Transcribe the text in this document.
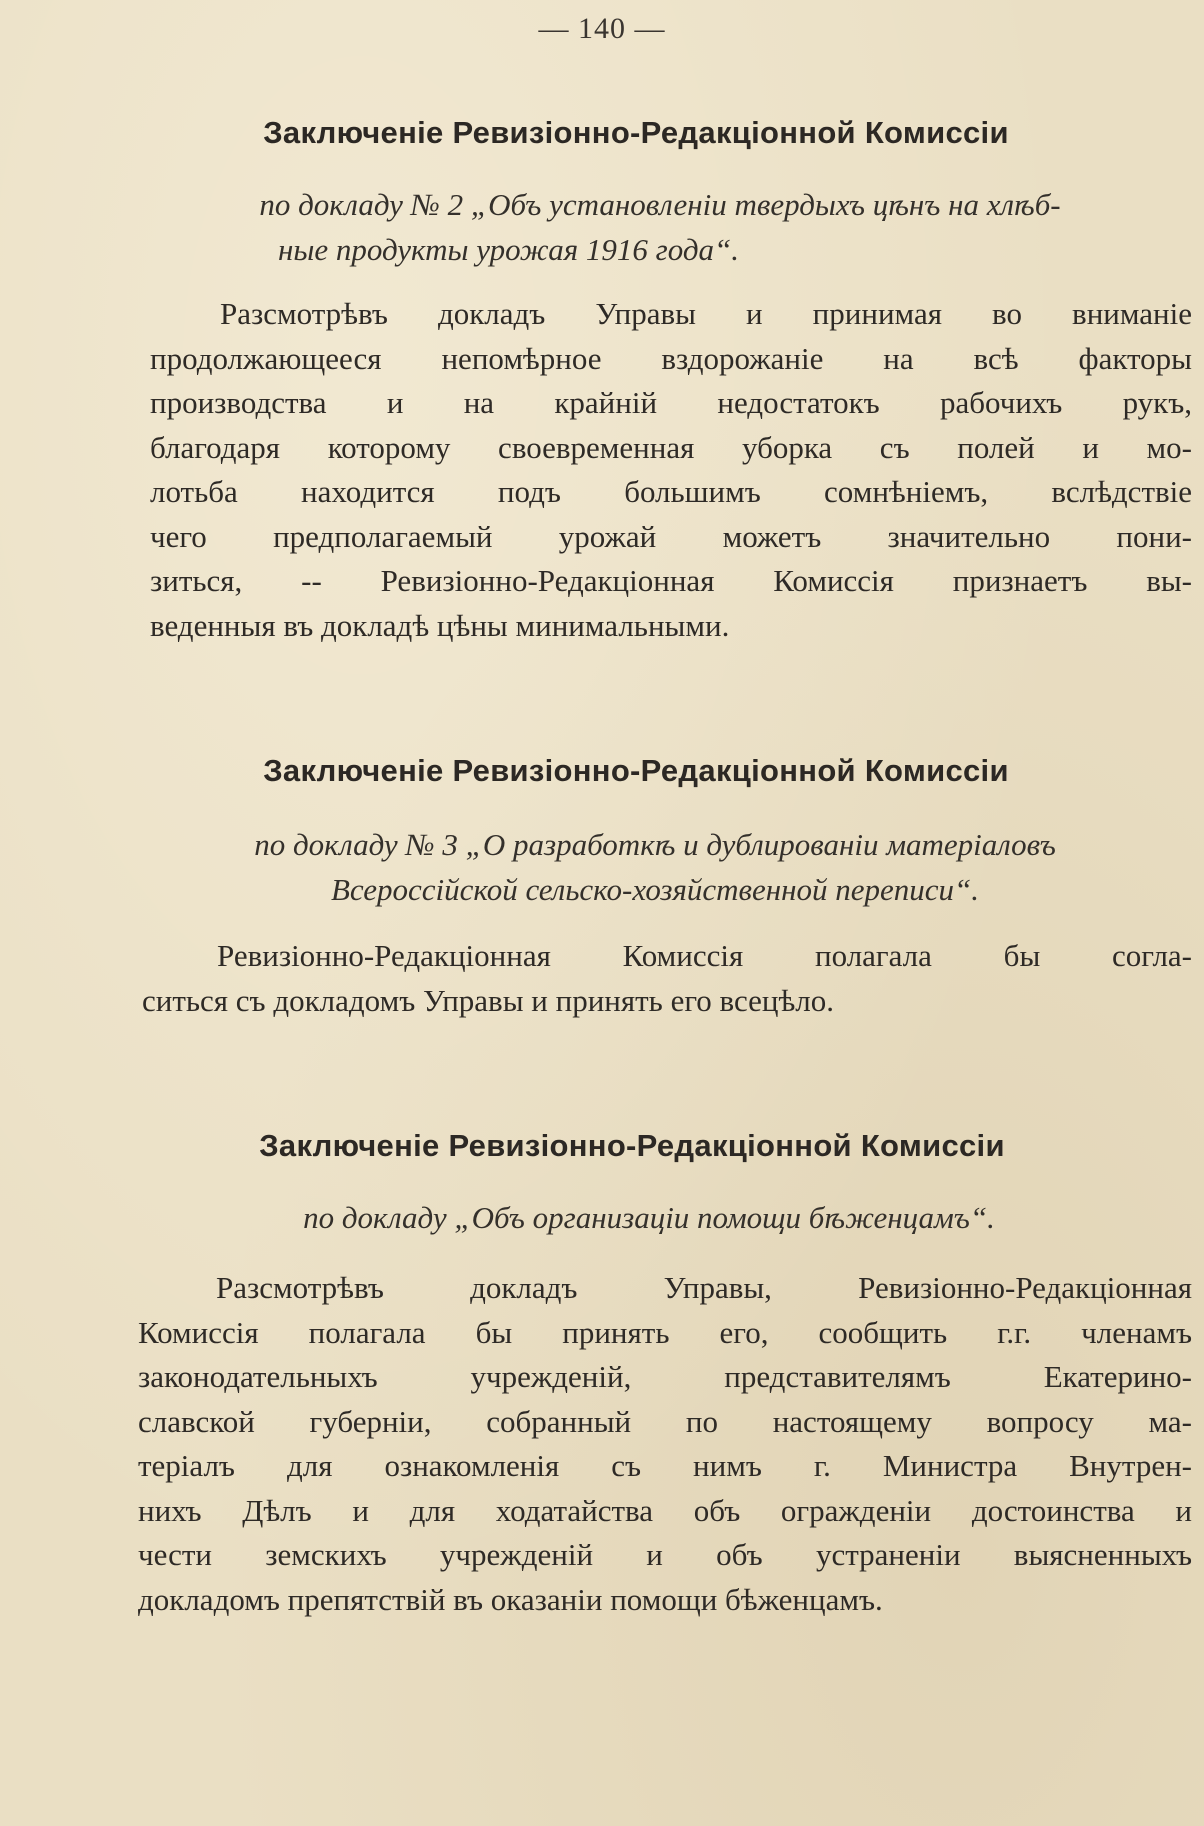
— 140 —
Заключенiе Ревизiонно-Редакцiонной Комиссiи

по докладу № 2 „Объ установленiи твердыхъ цѣнъ на хлѣб-
ные продукты урожая 1916 года“.

Разсмотрѣвъ докладъ Управы и принимая во вниманiе
продолжающееся непомѣрное вздорожанiе на всѣ факторы
производства и на крайнiй недостатокъ рабочихъ рукъ,
благодаря которому своевременная уборка съ полей и мо-
лотьба находится подъ большимъ сомнѣнiемъ, вслѣдствiе
чего предполагаемый урожай можетъ значительно пони-
зиться, -- Ревизiонно-Редакцiонная Комиссiя признаетъ вы-
веденныя въ докладѣ цѣны минимальными.
Заключенiе Ревизiонно-Редакцiонной Комиссiи

по докладу № 3 „О разработкѣ и дублированiи матерiаловъ
Всероссiйской сельско-хозяйственной переписи“.

Ревизiонно-Редакцiонная Комиссiя полагала бы согла-
ситься съ докладомъ Управы и принять его всецѣло.
Заключенiе Ревизiонно-Редакцiонной Комиссiи

по докладу „Объ организацiи помощи бѣженцамъ“.

Разсмотрѣвъ докладъ Управы, Ревизiонно-Редакцiонная
Комиссiя полагала бы принять его, сообщить г.г. членамъ
законодательныхъ учрежденiй, представителямъ Екатерино-
славской губернiи, собранный по настоящему вопросу ма-
терiалъ для ознакомленiя съ нимъ г. Министра Внутрен-
нихъ Дѣлъ и для ходатайства объ огражденiи достоинства и
чести земскихъ учрежденiй и объ устраненiи выясненныхъ
докладомъ препятствiй въ оказанiи помощи бѣженцамъ.
